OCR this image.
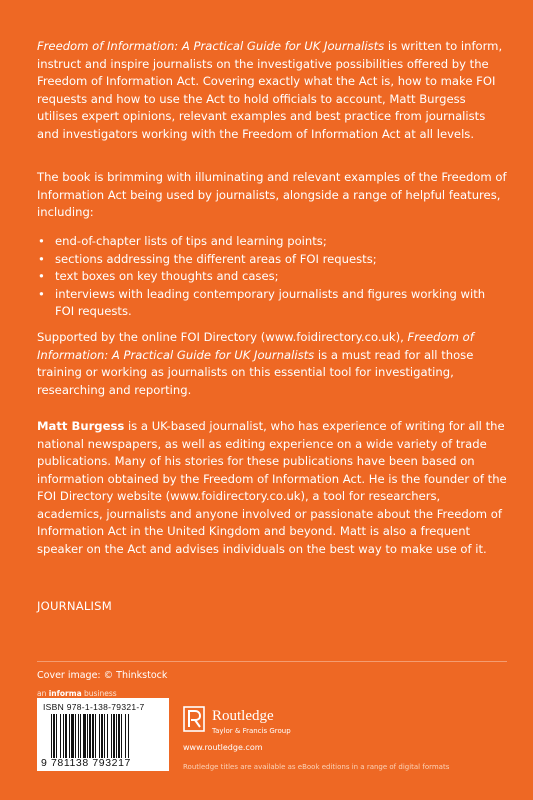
Freedom of Information: A Practical Guide for UK Journalists is written to inform, instruct and inspire journalists on the investigative possibilities offered by the Freedom of Information Act. Covering exactly what the Act is, how to make FOI requests and how to use the Act to hold officials to account, Matt Burgess utilises expert opinions, relevant examples and best practice from journalists and investigators working with the Freedom of Information Act at all levels.

The book is brimming with illuminating and relevant examples of the Freedom of Information Act being used by journalists, alongside a range of helpful features, including:

• end-of-chapter lists of tips and learning points;
• sections addressing the different areas of FOI requests;
• text boxes on key thoughts and cases;
• interviews with leading contemporary journalists and figures working with FOI requests.

Supported by the online FOI Directory (www.foidirectory.co.uk), Freedom of Information: A Practical Guide for UK Journalists is a must read for all those training or working as journalists on this essential tool for investigating, researching and reporting.

Matt Burgess is a UK-based journalist, who has experience of writing for all the national newspapers, as well as editing experience on a wide variety of trade publications. Many of his stories for these publications have been based on information obtained by the Freedom of Information Act. He is the founder of the FOI Directory website (www.foidirectory.co.uk), a tool for researchers, academics, journalists and anyone involved or passionate about the Freedom of Information Act in the United Kingdom and beyond. Matt is also a frequent speaker on the Act and advises individuals on the best way to make use of it.

JOURNALISM
Cover image: © Thinkstock
an informa business
ISBN 978-1-138-79321-7
9 781138 793217
Routledge
Taylor & Francis Group
www.routledge.com
Routledge titles are available as eBook editions in a range of digital formats
